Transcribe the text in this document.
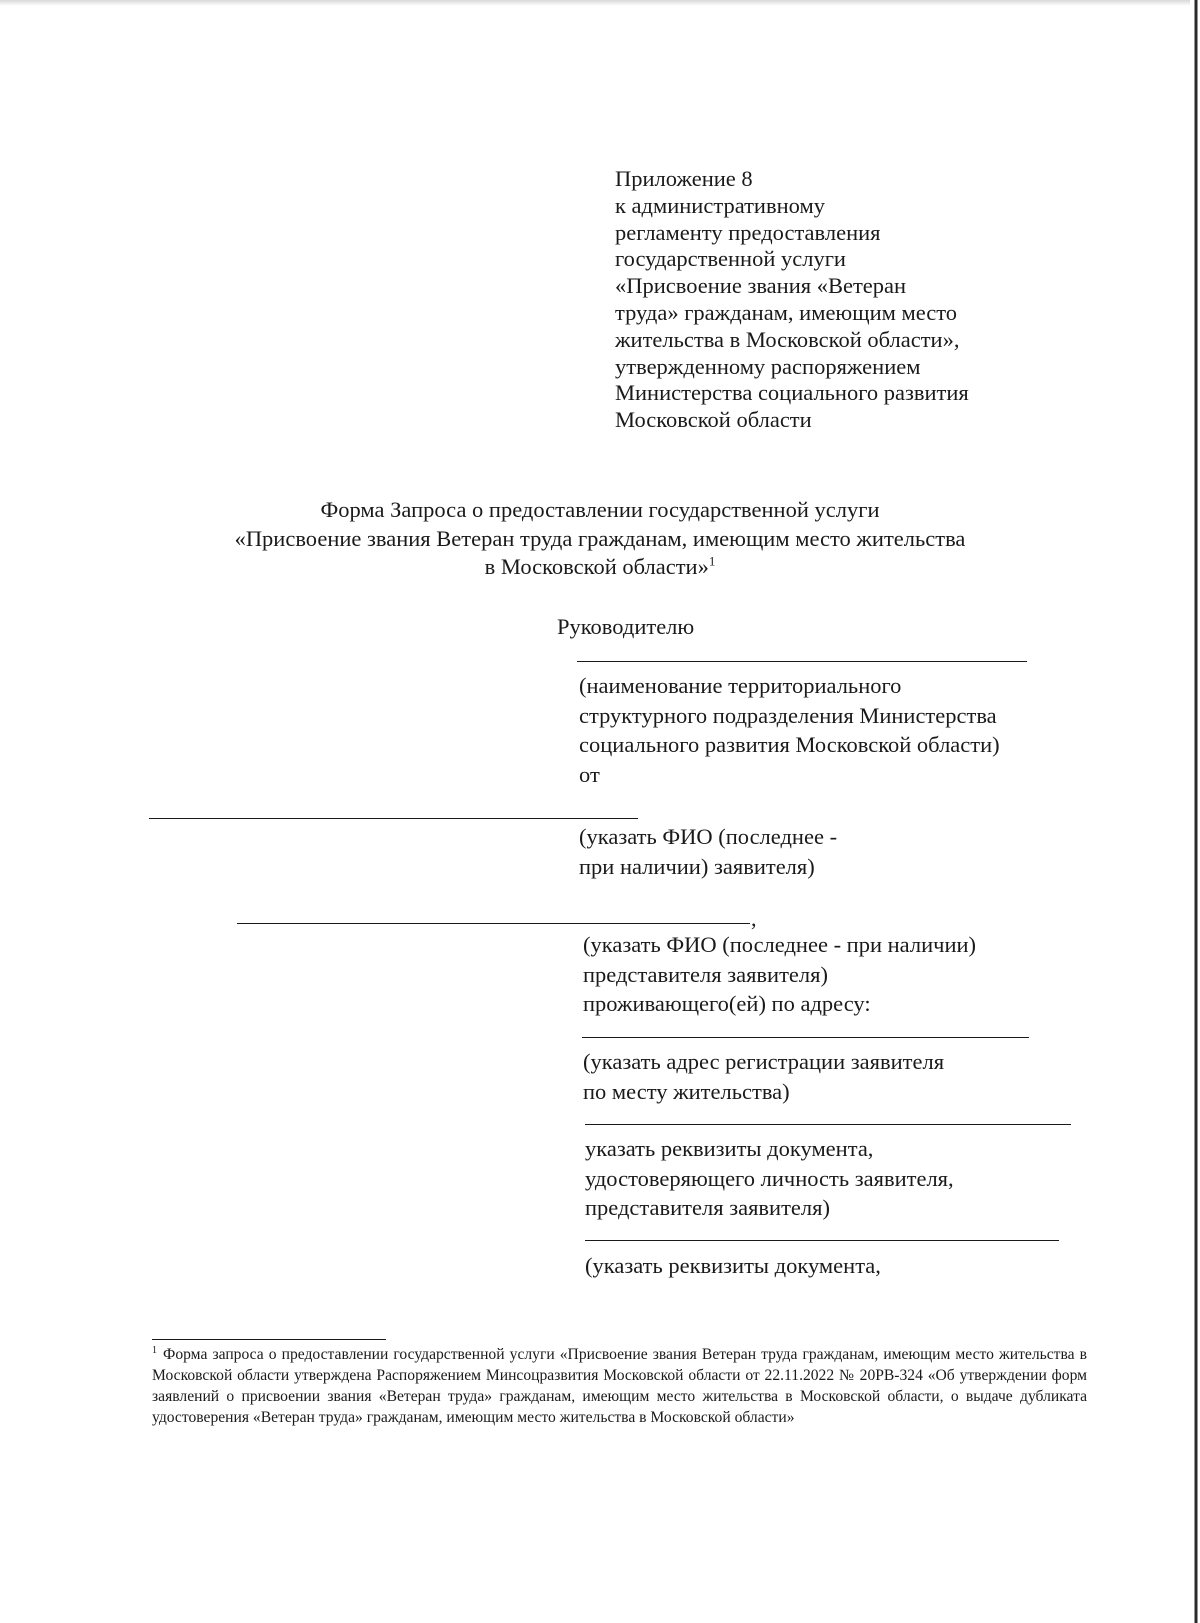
Приложение 8
к административному
регламенту предоставления
государственной услуги
«Присвоение звания «Ветеран
труда» гражданам, имеющим место
жительства в Московской области»,
утвержденному распоряжением
Министерства социального развития
Московской области
Форма Запроса о предоставлении государственной услуги
«Присвоение звания Ветеран труда гражданам, имеющим место жительства
в Московской области»$^1$
Руководителю
(наименование территориального
структурного подразделения Министерства
социального развития Московской области)
от
(указать ФИО (последнее -
при наличии) заявителя)
,
(указать ФИО (последнее - при наличии)
представителя заявителя)
проживающего(ей) по адресу:
(указать адрес регистрации заявителя
по месту жительства)
указать реквизиты документа,
удостоверяющего личность заявителя,
представителя заявителя)
(указать реквизиты документа,
$^1$ Форма запроса о предоставлении государственной услуги «Присвоение звания Ветеран труда гражданам, имеющим место жительства в Московской области утверждена Распоряжением Минсоцразвития Московской области от 22.11.2022 № 20РВ-324 «Об утверждении форм заявлений о присвоении звания «Ветеран труда» гражданам, имеющим место жительства в Московской области, о выдаче дубликата удостоверения «Ветеран труда» гражданам, имеющим место жительства в Московской области»
